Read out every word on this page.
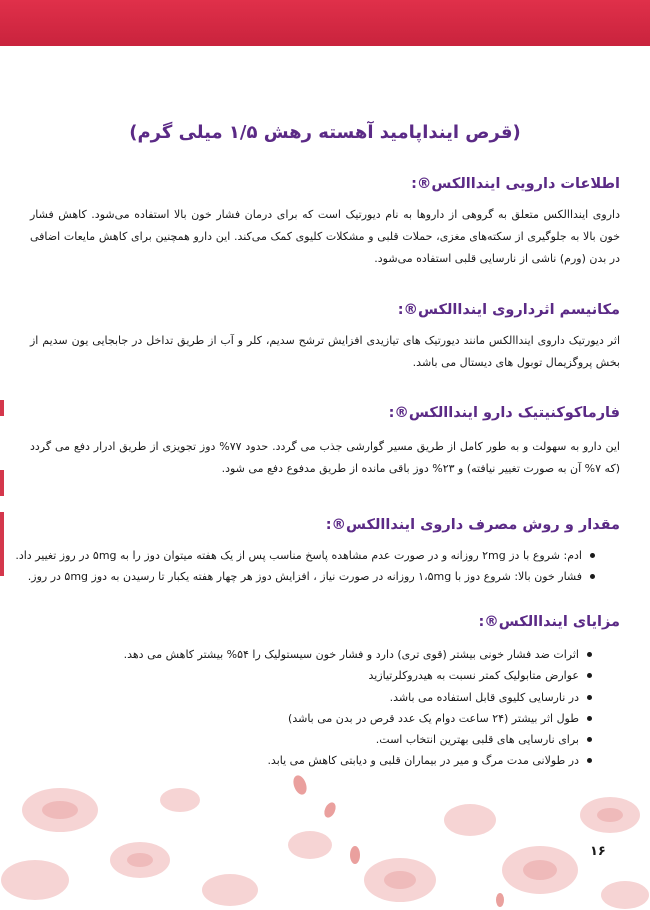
(قرص اینداپامید آهسته رهش ۱/۵ میلی گرم)
اطلاعات دارویی اینداالکس®:

داروی اینداالکس متعلق به گروهی از داروها به نام دیورتیک است که برای درمان فشار خون بالا استفاده می‌شود. کاهش فشار خون بالا به جلوگیری از سکته‌های مغزی، حملات قلبی و مشکلات کلیوی کمک می‌کند. این دارو همچنین برای کاهش مایعات اضافی در بدن (ورم) ناشی از نارسایی قلبی استفاده می‌شود.

مکانیسم اثرداروی اینداالکس®:

اثر دیورتیک داروی اینداالکس مانند دیورتیک های تیازیدی افزایش ترشح سدیم، کلر و آب از طریق تداخل در جابجایی یون سدیم از بخش پروگزیمال توبول های دیستال می باشد.

فارماکوکنیتیک دارو اینداالکس®:

این دارو به سهولت و به طور کامل از طریق مسیر گوارشی جذب می گردد. حدود ۷۷% دوز تجویزی از طریق ادرار دفع می گردد (که ۷% آن به صورت تغییر نیافته) و ۲۳% دوز باقی مانده از طریق مدفوع دفع می شود.

مقدار و روش مصرف داروی اینداالکس®:
ادم: شروع با دز ۲mg روزانه و در صورت عدم مشاهده پاسخ مناسب پس از یک هفته میتوان دوز را به ۵mg در روز تغییر داد.
فشار خون بالا: شروع دوز با ۱،۵mg روزانه در صورت نیاز ، افزایش دوز هر چهار هفته یکبار تا رسیدن به دوز ۵mg در روز.
مزایای اینداالکس®:
اثرات ضد فشار خونی بیشتر (قوی تری) دارد و فشار خون سیستولیک را ۵۴% بیشتر کاهش می دهد.
عوارض متابولیک کمتر نسبت به هیدروکلرتیازید
در نارسایی کلیوی قابل استفاده می باشد.
طول اثر بیشتر (۲۴ ساعت دوام یک عدد قرص در بدن می باشد)
برای نارسایی های قلبی بهترین انتخاب است.
در طولانی مدت مرگ و میر در بیماران قلبی و دیابتی کاهش می یابد.
۱۶
